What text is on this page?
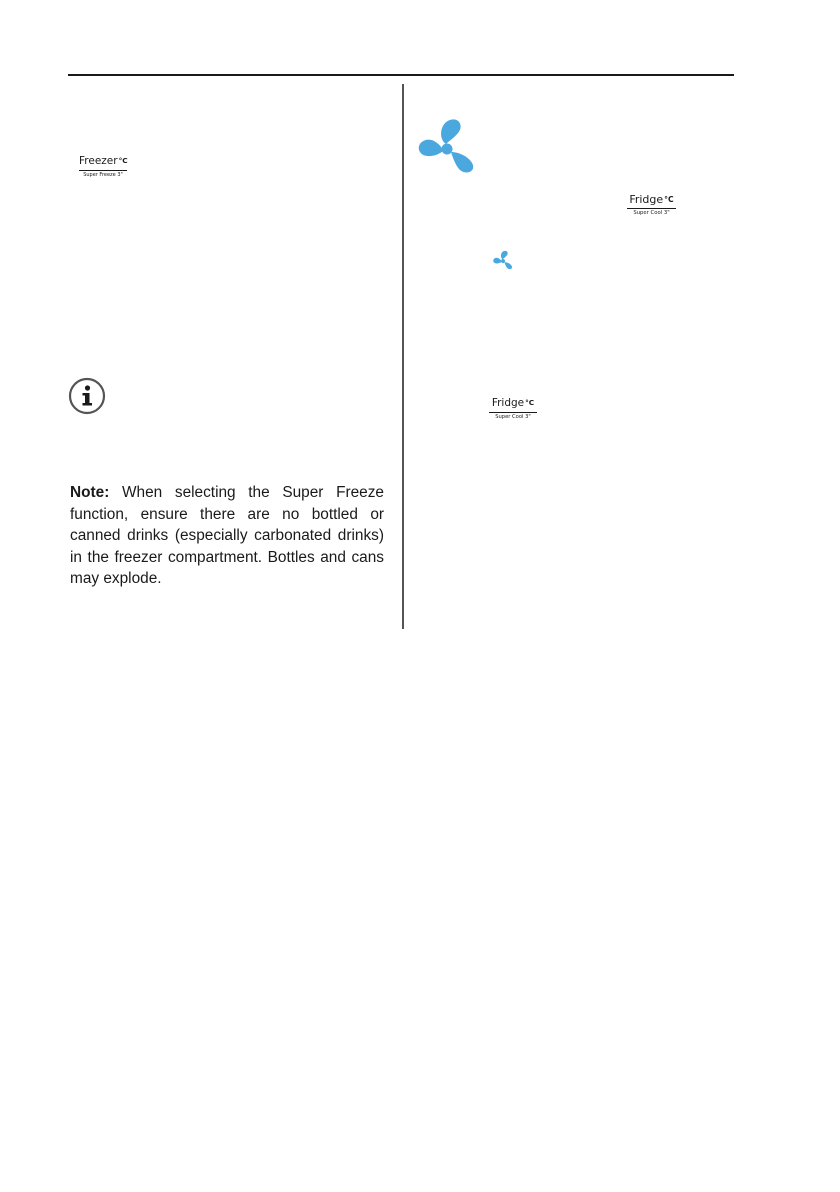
Freezer°C
Super Freeze 3"

Note: When selecting the Super Freeze function, ensure there are no bottled or canned drinks (especially carbonated drinks) in the freezer compartment. Bottles and cans may explode.

Fridge°C
Super Cool 3"
Fridge°C
Super Cool 3"
